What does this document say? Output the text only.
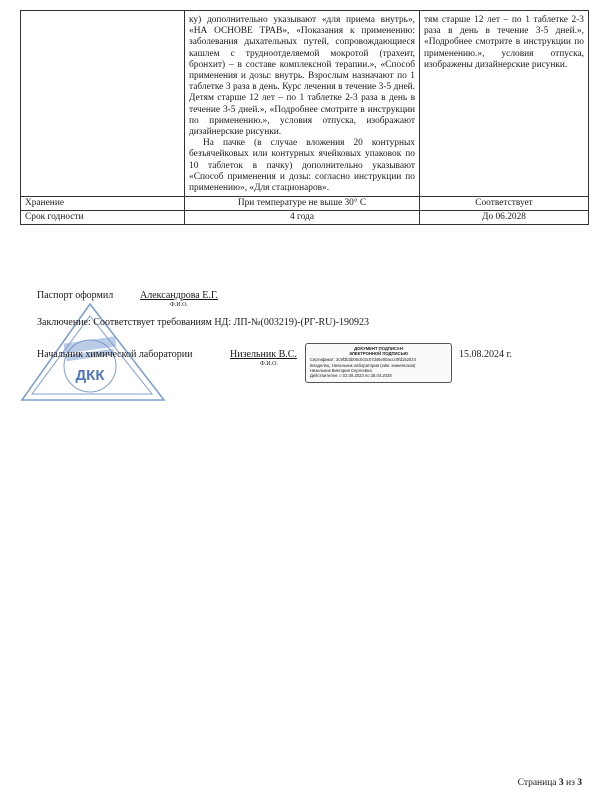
	ку) дополнительно указывают «для приема внутрь», «НА ОСНОВЕ ТРАВ», «Показания к применению: заболевания дыхательных путей, сопровождающиеся кашлем с трудноотделяемой мокротой (трахеит, бронхит) – в составе комплексной терапии.», «Способ применения и дозы: внутрь. Взрослым назначают по 1 таблетке 3 раза в день. Курс лечения в течение 3-5 дней. Детям старше 12 лет – по 1 таблетке 2-3 раза в день в течение 3-5 дней.», «Подробнее смотрите в инструкции по применению.», условия отпуска, изображают дизайнерские рисунки.

На пачке (в случае вложения 20 контурных безъячейковых или контурных ячейковых упаковок по 10 таблеток в пачку) дополнительно указывают «Способ применения и дозы: согласно инструкции по применению», «Для стационаров».	тям старше 12 лет – по 1 таблетке 2-3 раза в день в течение 3-5 дней.», «Подробнее смотрите в инструкции по применению.», условия отпуска, изображены дизайнерские рисунки.

Хранение	При температуре не выше 30° С	Соответствует
Срок годности	4 года	До 06.2028
ДКК
Паспорт оформил	Александрова Е.Г.
Ф.И.О.
Заключение: Соответствует требованиям НД: ЛП-№(003219)-(РГ-RU)-190923
Начальник химической лаборатории	Низельник В.С.
Ф.И.О.
ДОКУМЕНТ ПОДПИСАН
ЭЛЕКТРОННОЙ ПОДПИСЬЮ
Сертификат: 3c9f3b3b06c0cbc07d46e00accc9fd152024
Владелец: Начальник лаборатории (хим. химическая)
Низельник Виктория Сергеевна
Действителен: с 02.08.2023 по 28.04.2028
15.08.2024 г.
Страница 3 из 3
